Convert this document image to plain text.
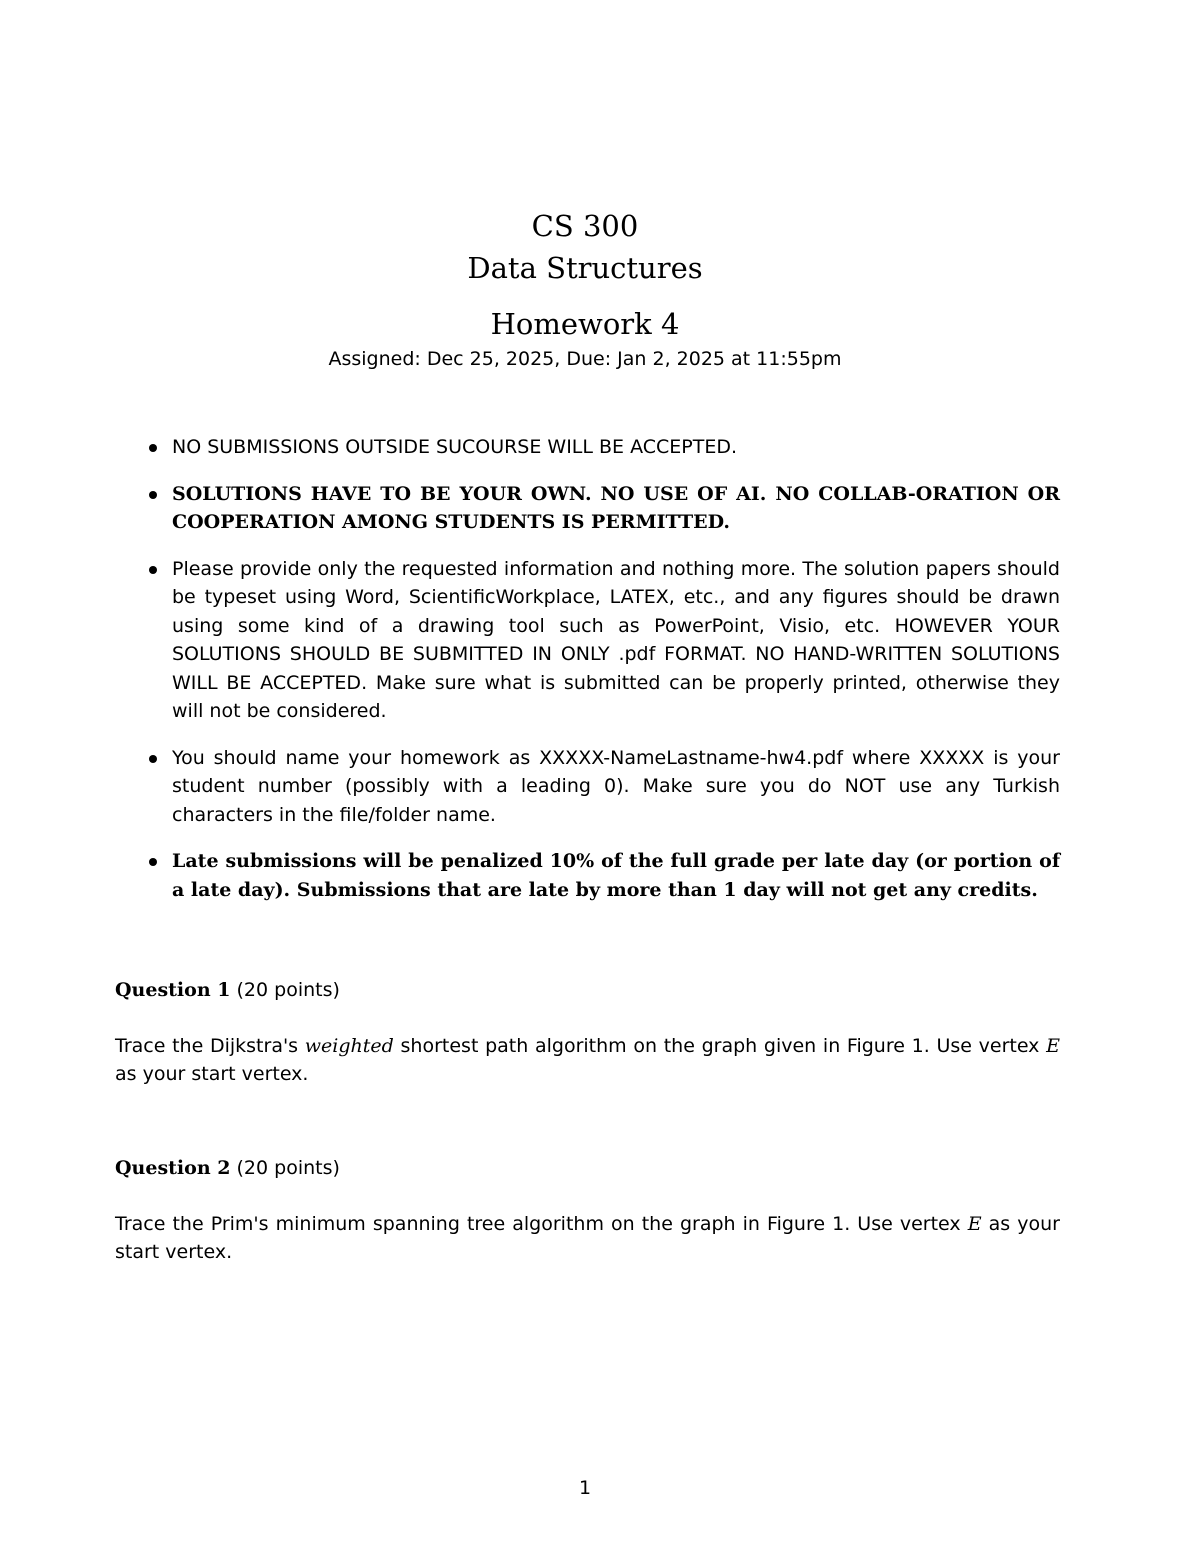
CS 300
Data Structures
Homework 4
Assigned: Dec 25, 2025, Due: Jan 2, 2025 at 11:55pm
NO SUBMISSIONS OUTSIDE SUCOURSE WILL BE ACCEPTED.
SOLUTIONS HAVE TO BE YOUR OWN. NO USE OF AI. NO COLLAB-ORATION OR COOPERATION AMONG STUDENTS IS PERMITTED.
Please provide only the requested information and nothing more. The solution papers should be typeset using Word, ScientificWorkplace, LATEX, etc., and any figures should be drawn using some kind of a drawing tool such as PowerPoint, Visio, etc. HOWEVER YOUR SOLUTIONS SHOULD BE SUBMITTED IN ONLY .pdf FORMAT. NO HAND-WRITTEN SOLUTIONS WILL BE ACCEPTED. Make sure what is submitted can be properly printed, otherwise they will not be considered.
You should name your homework as XXXXX-NameLastname-hw4.pdf where XXXXX is your student number (possibly with a leading 0). Make sure you do NOT use any Turkish characters in the file/folder name.
Late submissions will be penalized 10% of the full grade per late day (or portion of a late day). Submissions that are late by more than 1 day will not get any credits.
Question 1 (20 points)
Trace the Dijkstra's weighted shortest path algorithm on the graph given in Figure 1. Use vertex E as your start vertex.
Question 2 (20 points)
Trace the Prim's minimum spanning tree algorithm on the graph in Figure 1. Use vertex E as your start vertex.
1
